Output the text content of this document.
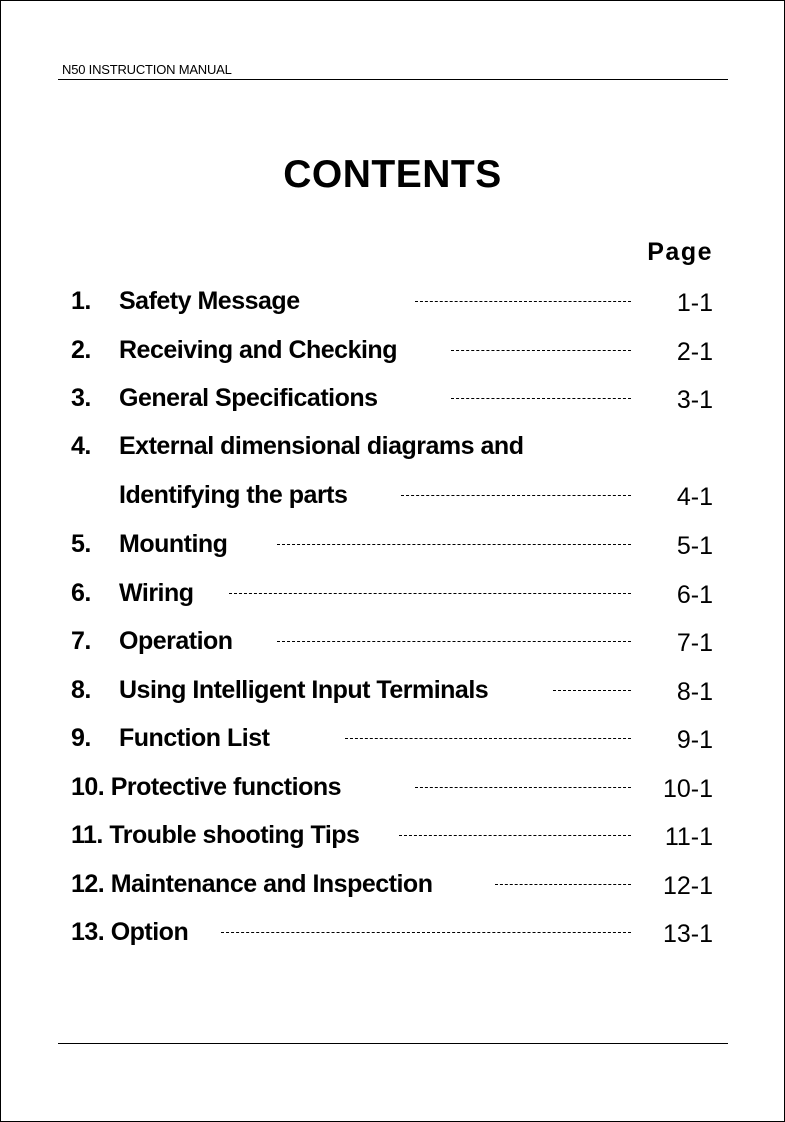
N50 INSTRUCTION MANUAL
CONTENTS
Page
1. Safety Message	1-1
2. Receiving and Checking	2-1
3. General Specifications	3-1
4. External dimensional diagrams and
Identifying the parts	4-1
5. Mounting	5-1
6. Wiring	6-1
7. Operation	7-1
8. Using Intelligent Input Terminals	8-1
9. Function List	9-1
10. Protective functions	10-1
11. Trouble shooting Tips	11-1
12. Maintenance and Inspection	12-1
13. Option	13-1
